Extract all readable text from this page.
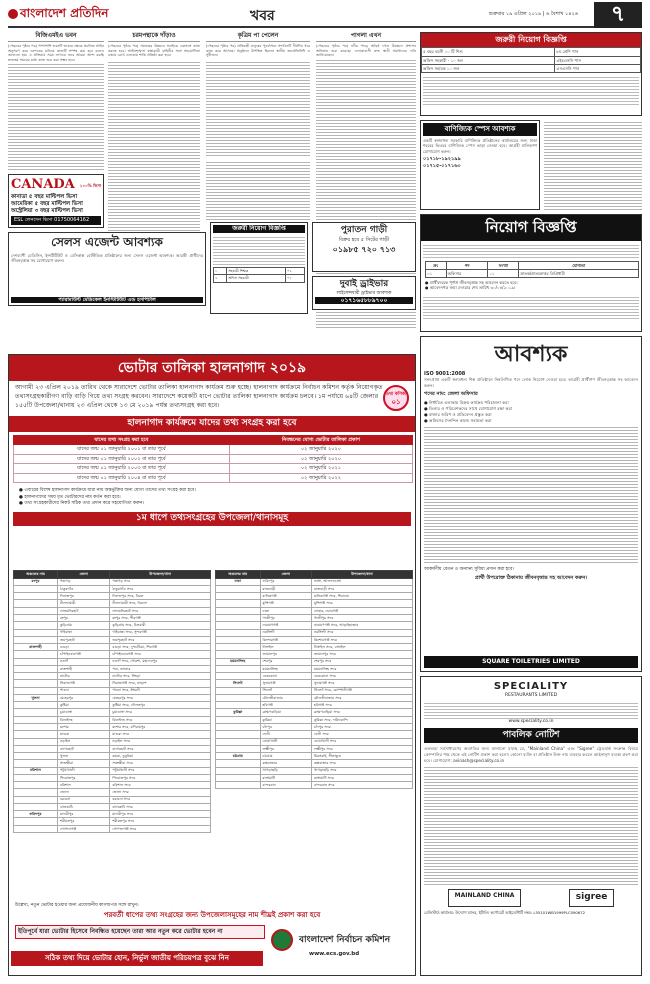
বাংলাদেশ প্রতিদিন	খবর	শুক্রবার ১৯ এপ্রিল ২০১৯ | ৬ বৈশাখ ১৪২৬	৭
বিজিএমইএ ভবন
(পেছনের পৃষ্ঠার পর) পাশাপাশি ভবনটি ভাঙার ক্ষেত্রে প্রচলিত আইন অনুসরণ করে দরপত্রের মাধ্যমে কাজটি সম্পন্ন করা হবে বলেও জানানো হয়। এ প্রক্রিয়ায় সময় লাগবে। তবে আমরা আশা করছি দ্রুততম সময়ের মধ্যে কাজ শুরু করা সম্ভব হবে।
চরমপন্থাকে দাঁড়াও
(পেছনের পৃষ্ঠার পর) সমাজের উন্নয়নে সবাইকে একসঙ্গে কাজ করতে হবে। আইনশৃঙ্খলা রক্ষাকারী বাহিনীর সঙ্গে সহযোগিতা বজায় রেখে এলাকায় শান্তি প্রতিষ্ঠা করা হবে।
কৃত্রিম পা পেলেন
(পেছনের পৃষ্ঠার পর) প্রতিবন্ধী মানুষের পুনর্বাসনে সংগঠনটি দীর্ঘদিন ধরে কাজ করে আসছে। অনুষ্ঠানে উপস্থিত ছিলেন স্থানীয় জনপ্রতিনিধি ও সুধীজন।
পাগলা এখন
(পেছনের পৃষ্ঠার পর) নদীর পাড়ে অবৈধ দখল উচ্ছেদে প্রশাসন অভিযান শুরু করেছে। এলাকাবাসী দ্রুত স্থায়ী সমাধানের দাবি জানিয়েছেন।
CANADA ১০০% ভিসা
কানাডা ৫ বছর মাল্টিপল ভিসা
আমেরিকা ৫ বছর মাল্টিপল ভিসা
অস্ট্রেলিয়া ৩ বছর মাল্টিপল ভিসা
ESL লেনদেন ভিসা 01750064162
সেলস এজেন্ট আবশ্যক
দেশব্যাপী মেডিসিন, ইন্সটিটিউট ও বেসিকাল্প বেস্টিন্ডিক প্রতিষ্ঠানের জন্য সেলস এজেন্ট আবশ্যক। আগ্রহী প্রার্থীদের জীবনবৃত্তান্ত সহ যোগাযোগ করুন।
প্যারামাউন্ট মেডিকেল ইনস্টিটিউট এন্ড হসপিটাল
জরুরী নিয়োগ বিজ্ঞপ্তি
১	সহকারী শিক্ষক	০২
২	অফিস সহকারী	০১
পুরাতন গাড়ী
বিক্রয় হবে ৫ সিটের গাড়ী
০১৯৮৫ ৭২০ ৭১৩
দুবাই ড্রাইভার
লাইসেন্সধারী ড্রাইভার আবশ্যক
০১৭১৬৫৮৮৯৭০০
ভোটার তালিকা হালনাগাদ ২০১৯
আগামী ২৩ এপ্রিল ২০১৯ তারিখ থেকে সারাদেশে ভোটার তালিকা হালনাগাদ কার্যক্রম শুরু হচ্ছে। হালনাগাদ কার্যক্রমে নির্বাচন কমিশন কর্তৃক নিয়োগকৃত তথ্যসংগ্রহকারীগণ বাড়ি বাড়ি গিয়ে তথ্য সংগ্রহ করবেন। সারাদেশে কয়েকটি ধাপে ভোটার তালিকা হালনাগাদ কার্যক্রম চলবে। ১ম পর্যায়ে ৬৪টি জেলার ১৫৫টি উপজেলা/থানায় ২৩ এপ্রিল থেকে ১৩ মে ২০১৯ পর্যন্ত তথ্যসংগ্রহ করা হবে।
তথ্য কণিকা
০১
হালনাগাদ কার্যক্রমে যাদের তথ্য সংগ্রহ করা হবে
যাদের তথ্য সংগ্রহ করা হবে	নিবন্ধনের যোগ্য ভোটার তালিকা প্রকাশ
যাদের জন্ম ০১ জানুয়ারি ২০০১ বা তার পূর্বে	০২ জানুয়ারি ২০২০
যাদের জন্ম ০১ জানুয়ারি ২০০২ বা তার পূর্বে	০২ জানুয়ারি ২০২০
যাদের জন্ম ০১ জানুয়ারি ২০০৩ বা তার পূর্বে	০২ জানুয়ারি ২০২১
যাদের জন্ম ০১ জানুয়ারি ২০০৪ বা তার পূর্বে	০২ জানুয়ারি ২০২২
● এবারের বিশেষ হালনাগাদ কার্যক্রমে যারা নাম অন্তর্ভুক্তির জন্য যোগ্য তাদের তথ্য সংগ্রহ করা হবে।
● হালনাগাদের সময় মৃত ভোটারদের নাম কর্তন করা হবে।
● তথ্য সংগ্রহকারীদের নিকট সঠিক তথ্য প্রদান করে সহযোগিতা করুন।
১ম ধাপে তথ্যসংগ্রহের উপজেলা/থানাসমূহ
অঞ্চলের নাম	জেলা	উপজেলা/থানা
রংপুর	পঞ্চগড়	পঞ্চগড় সদর
	ঠাকুরগাঁও	ঠাকুরগাঁও সদর
	দিনাজপুর	দিনাজপুর সদর, বিরল
	নীলফামারী	নীলফামারী সদর, ডিমলা
	লালমনিরহাট	লালমনিরহাট সদর
	রংপুর	রংপুর সদর, পীরগঞ্জ
	কুড়িগ্রাম	কুড়িগ্রাম সদর, চিলমারী
	গাইবান্ধা	গাইবান্ধা সদর, সুন্দরগঞ্জ
	জয়পুরহাট	জয়পুরহাট সদর
রাজশাহী	বগুড়া	বগুড়া সদর, দুপচাঁচিয়া, শিবগঞ্জ
	চাঁপাইনবাবগঞ্জ	চাঁপাইনবাবগঞ্জ সদর
	নওগাঁ	নওগাঁ সদর, পোরশা, মহাদেবপুর
	রাজশাহী	পবা, তানোর
	নাটোর	নাটোর সদর, সিংড়া
	সিরাজগঞ্জ	সিরাজগঞ্জ সদর, তাড়াশ
	পাবনা	পাবনা সদর, ঈশ্বরদী
খুলনা	মেহেরপুর	মেহেরপুর সদর
	কুষ্টিয়া	কুষ্টিয়া সদর, দৌলতপুর
	চুয়াডাঙ্গা	চুয়াডাঙ্গা সদর
	ঝিনাইদহ	ঝিনাইদহ সদর
	যশোর	যশোর সদর, মণিরামপুর
	মাগুরা	মাগুরা সদর
	নড়াইল	নড়াইল সদর
	বাগেরহাট	বাগেরহাট সদর
	খুলনা	কয়রা, ডুমুরিয়া
	সাতক্ষীরা	সাতক্ষীরা সদর
বরিশাল	পটুয়াখালী	পটুয়াখালী সদর
	পিরোজপুর	পিরোজপুর সদর
	বরিশাল	বরিশাল সদর
	ভোলা	ভোলা সদর
	বরগুনা	বরগুনা সদর
	ঝালকাঠি	ঝালকাঠি সদর
ফরিদপুর	মাদারীপুর	মাদারীপুর সদর
	শরীয়তপুর	শরীয়তপুর সদর
	গোপালগঞ্জ	গোপালগঞ্জ সদর
অঞ্চলের নাম	জেলা	উপজেলা/থানা
ঢাকা	ফরিদপুর	ভাঙ্গা, আলফাডাঙ্গা
	রাজবাড়ী	রাজবাড়ী সদর
	মানিকগঞ্জ	মানিকগঞ্জ সদর, শিবালয়
	মুন্সিগঞ্জ	মুন্সিগঞ্জ সদর
	ঢাকা	দোহার, নবাবগঞ্জ
	গাজীপুর	গাজীপুর সদর
	নারায়ণগঞ্জ	নারায়ণগঞ্জ সদর, আড়াইহাজার
	নরসিংদী	নরসিংদী সদর
	কিশোরগঞ্জ	কিশোরগঞ্জ সদর
	টাঙ্গাইল	টাঙ্গাইল সদর, বাসাইল
	জামালপুর	জামালপুর সদর
ময়মনসিংহ	শেরপুর	শেরপুর সদর
	ময়মনসিংহ	ময়মনসিংহ সদর
	নেত্রকোনা	নেত্রকোনা সদর
সিলেট	সুনামগঞ্জ	সুনামগঞ্জ সদর
	সিলেট	সিলেট সদর, কোম্পানীগঞ্জ
	মৌলভীবাজার	মৌলভীবাজার সদর
	হবিগঞ্জ	হবিগঞ্জ সদর
কুমিল্লা	ব্রাহ্মণবাড়িয়া	ব্রাহ্মণবাড়িয়া সদর
	কুমিল্লা	কুমিল্লা সদর, দাউদকান্দি
	চাঁদপুর	চাঁদপুর সদর
	ফেনী	ফেনী সদর
	নোয়াখালী	নোয়াখালী সদর
	লক্ষ্মীপুর	লক্ষ্মীপুর সদর
চট্টগ্রাম	চট্টগ্রাম	মিরসরাই, সীতাকুণ্ড
	কক্সবাজার	কক্সবাজার সদর
	খাগড়াছড়ি	খাগড়াছড়ি সদর
	রাঙ্গামাটি	রাঙ্গামাটি সদর
	বান্দরবান	বান্দরবান সদর
উল্লেখ্য, নতুন ভোটার হওয়ার জন্য প্রয়োজনীয় কাগজপত্র সঙ্গে রাখুন।
পরবর্তী ধাপের তথ্য সংগ্রহের জন্য উপজেলাসমূহের নাম শীঘ্রই প্রকাশ করা হবে
ইতিপূর্বে যারা ভোটার হিসেবে নিবন্ধিত হয়েছেন তারা আর নতুন করে ভোটার হবেন না
সঠিক তথ্য দিয়ে ভোটার হোন, নির্ভুল জাতীয় পরিচয়পত্র বুঝে নিন
বাংলাদেশ নির্বাচন কমিশন
www.ecs.gov.bd
জরুরী নিয়োগ বিজ্ঞপ্তি
৫ বছর বয়সী ১০ টি শিশু	৮ম শ্রেণি পাস
অফিস সহকারী - ১০ জন	এইচএসসি পাস
অফিস সহায়ক ১০ জন	এসএসসি পাস
বাণিজ্যিক স্পেস আবশ্যক
একটি স্বনামধন্য সরকারি বাণিজ্যিক প্রতিষ্ঠানের কার্যালয়ের জন্য ঢাকা শহরের ভিতরে বাণিজ্যিক স্পেস ভাড়া নেওয়া হবে। আগ্রহী মালিকগণ যোগাযোগ করুন।
০১৭১৮-১৯২১৯৯
০১৭১৫-০১৭১৬০
নিয়োগ বিজ্ঞপ্তি
ক্র:	পদ	সংখ্যা	যোগ্যতা
০১	অফিসার	০১	স্নাতক/স্নাতকোত্তর ডিগ্রিধারী
● প্রার্থীদেরকে পূর্ণাঙ্গ জীবনবৃত্তান্ত সহ আবেদন করতে হবে।
● আবেদনপত্র জমা দেওয়ার শেষ তারিখ ৩০/০৪/২০১৯।
আবশ্যক
ISO 9001:2008
সনদপ্রাপ্ত একটি স্বনামধন্য শিল্প প্রতিষ্ঠানে নিম্নলিখিত পদে লোক নিয়োগ দেওয়া হবে। আগ্রহী প্রার্থীগণ জীবনবৃত্তান্ত সহ আবেদন করুন।
পদের নাম: জেলা অফিসার
● নির্ধারিত এলাকায় বিক্রয় কার্যক্রম পরিচালনা করা
● ডিলার ও পরিবেশকদের সাথে যোগাযোগ রক্ষা করা
● বাজার জরিপ ও প্রতিবেদন প্রস্তুত করা
● অফিসের দৈনন্দিন কাজে সহায়তা করা
আকর্ষণীয় বেতন ও অন্যান্য সুবিধা প্রদান করা হবে।
প্রার্থী উপরোক্ত ঠিকানায় জীবনবৃত্তান্ত সহ আবেদন করুন।
SQUARE TOILETRIES LIMITED
SPECIALITY
RESTAURANTS LIMITED
www.speciality.co.in
পাবলিক নোটিশ
এতদ্বারা সর্বসাধারণের অবগতির জন্য জানানো যাচ্ছে যে, "Mainland China" এবং "Sigree" ট্রেডমার্ক সংক্রান্ত বিষয়ে কোম্পানির পক্ষ থেকে এই নোটিশ প্রকাশ করা হলো। কোনো ব্যক্তি বা প্রতিষ্ঠান উক্ত নাম ব্যবহার করলে আইনানুগ ব্যবস্থা গ্রহণ করা হবে। যোগাযোগ: avinash@speciality.co.in
MAINLAND CHINA	sigree
রেজিস্টার্ড কার্যালয়: উদ্যোগ ম্যানর, ইটালি। কর্পোরেট আইডেন্টিটি নম্বর: L55101WB1999PLC090672
